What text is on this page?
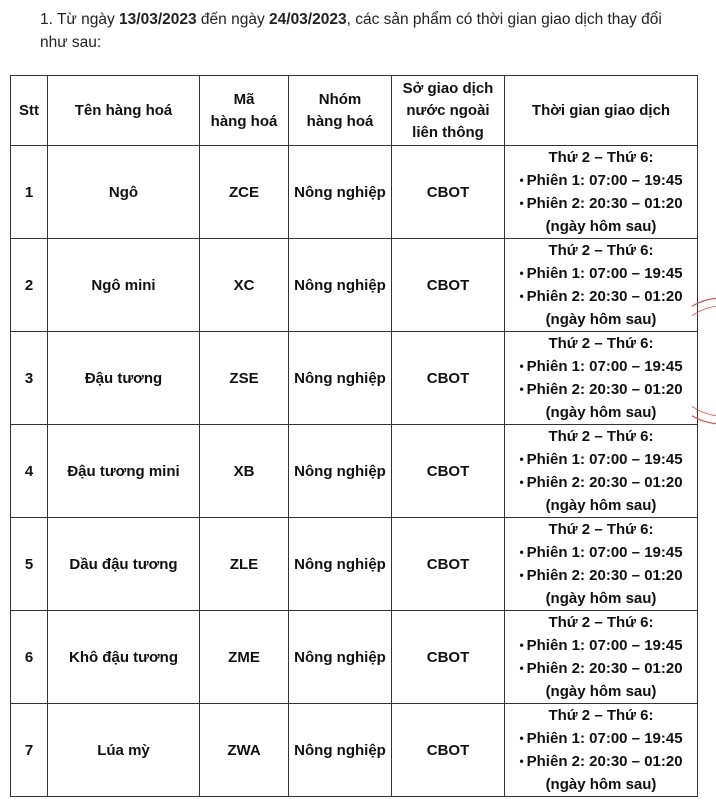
1. Từ ngày 13/03/2023 đến ngày 24/03/2023, các sản phẩm có thời gian giao dịch thay đổi như sau:
Stt	Tên hàng hoá	Mã
hàng hoá	Nhóm
hàng hoá	Sở giao dịch
nước ngoài
liên thông	Thời gian giao dịch
1	Ngô	ZCE	Nông nghiệp	CBOT	Thứ 2 – Thứ 6:
• Phiên 1: 07:00 – 19:45
• Phiên 2: 20:30 – 01:20
(ngày hôm sau)

2	Ngô mini	XC	Nông nghiệp	CBOT	Thứ 2 – Thứ 6:
• Phiên 1: 07:00 – 19:45
• Phiên 2: 20:30 – 01:20
(ngày hôm sau)

3	Đậu tương	ZSE	Nông nghiệp	CBOT	Thứ 2 – Thứ 6:
• Phiên 1: 07:00 – 19:45
• Phiên 2: 20:30 – 01:20
(ngày hôm sau)

4	Đậu tương mini	XB	Nông nghiệp	CBOT	Thứ 2 – Thứ 6:
• Phiên 1: 07:00 – 19:45
• Phiên 2: 20:30 – 01:20
(ngày hôm sau)

5	Dầu đậu tương	ZLE	Nông nghiệp	CBOT	Thứ 2 – Thứ 6:
• Phiên 1: 07:00 – 19:45
• Phiên 2: 20:30 – 01:20
(ngày hôm sau)

6	Khô đậu tương	ZME	Nông nghiệp	CBOT	Thứ 2 – Thứ 6:
• Phiên 1: 07:00 – 19:45
• Phiên 2: 20:30 – 01:20
(ngày hôm sau)

7	Lúa mỳ	ZWA	Nông nghiệp	CBOT	Thứ 2 – Thứ 6:
• Phiên 1: 07:00 – 19:45
• Phiên 2: 20:30 – 01:20
(ngày hôm sau)
